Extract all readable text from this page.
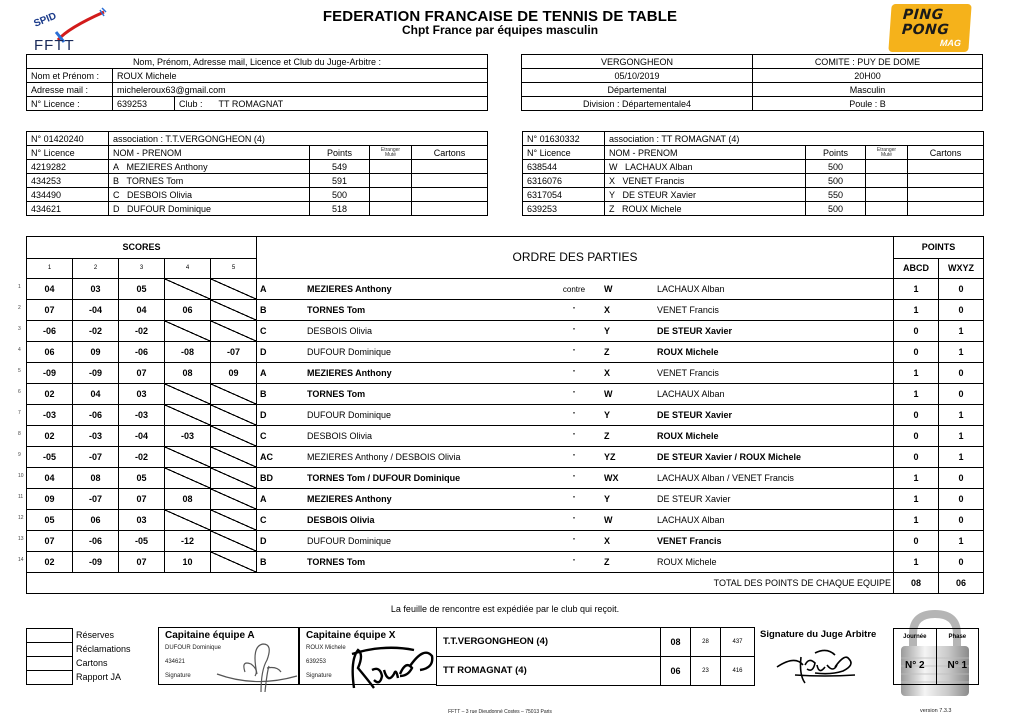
SPID
FFTT
FEDERATION FRANCAISE DE TENNIS DE TABLE
Chpt France par équipes masculin
PING
PONG
MAG
Nom, Prénom, Adresse mail, Licence et Club du Juge-Arbitre :			
Nom et Prénom :	ROUX Michele		
Adresse mail :	micheleroux63@gmail.com		
N° Licence :	639253	Club :	TT ROMAGNAT
VERGONGHEON	COMITE : PUY DE DOME
05/10/2019	20H00
Départemental	Masculin
Division : Départementale4	Poule : B
N° 01420240	association : T.T.VERGONGHEON (4)			
N° Licence	NOM - PRENOM	Points	Etranger
Muté	Cartons
4219282	A MEZIERES Anthony	549		
434253	B TORNES Tom	591		
434490	C DESBOIS Olivia	500		
434621	D DUFOUR Dominique	518		
N° 01630332	association : TT ROMAGNAT (4)			
N° Licence	NOM - PRENOM	Points	Etranger
Muté	Cartons
638544	W LACHAUX Alban	500		
6316076	X VENET Francis	500		
6317054	Y DE STEUR Xavier	550		
639253	Z ROUX Michele	500		
SCORES					ORDRE DES PARTIES	POINTS	
1	2	3	4	5		ABCD	WXYZ
04	03	05			A MEZIERES Anthony contre W LACHAUX Alban	1	0
07	-04	04	06		B TORNES Tom " X VENET Francis	1	0
-06	-02	-02			C DESBOIS Olivia " Y DE STEUR Xavier	0	1
06	09	-06	-08	-07	D DUFOUR Dominique " Z ROUX Michele	0	1
-09	-09	07	08	09	A MEZIERES Anthony " X VENET Francis	1	0
02	04	03			B TORNES Tom " W LACHAUX Alban	1	0
-03	-06	-03			D DUFOUR Dominique " Y DE STEUR Xavier	0	1
02	-03	-04	-03		C DESBOIS Olivia " Z ROUX Michele	0	1
-05	-07	-02			AC MEZIERES Anthony / DESBOIS Olivia " YZ DE STEUR Xavier / ROUX Michele	0	1
04	08	05			BD TORNES Tom / DUFOUR Dominique " WX LACHAUX Alban / VENET Francis	1	0
09	-07	07	08		A MEZIERES Anthony " Y DE STEUR Xavier	1	0
05	06	03			C DESBOIS Olivia " W LACHAUX Alban	1	0
07	-06	-05	-12		D DUFOUR Dominique " X VENET Francis	0	1
02	-09	07	10		B TORNES Tom " Z ROUX Michele	1	0
TOTAL DES POINTS DE CHAQUE EQUIPE						08	06
La feuille de rencontre est expédiée par le club qui reçoit.

Réserves
Réclamations
Cartons
Rapport JA
Capitaine équipe A
DUFOUR Dominique
434621
Signature
Capitaine équipe X
ROUX Michele
639253
Signature
T.T.VERGONGHEON (4)	08	28	437
TT ROMAGNAT (4)	06	23	416
Signature du Juge Arbitre	Journée
N° 2

Phase
N° 1
FFTT – 3 rue Dieudonné Costes – 75013 Paris	version 7.3.3
1
2
3
4
5
6
7
8
9
10
11
12
13
14
